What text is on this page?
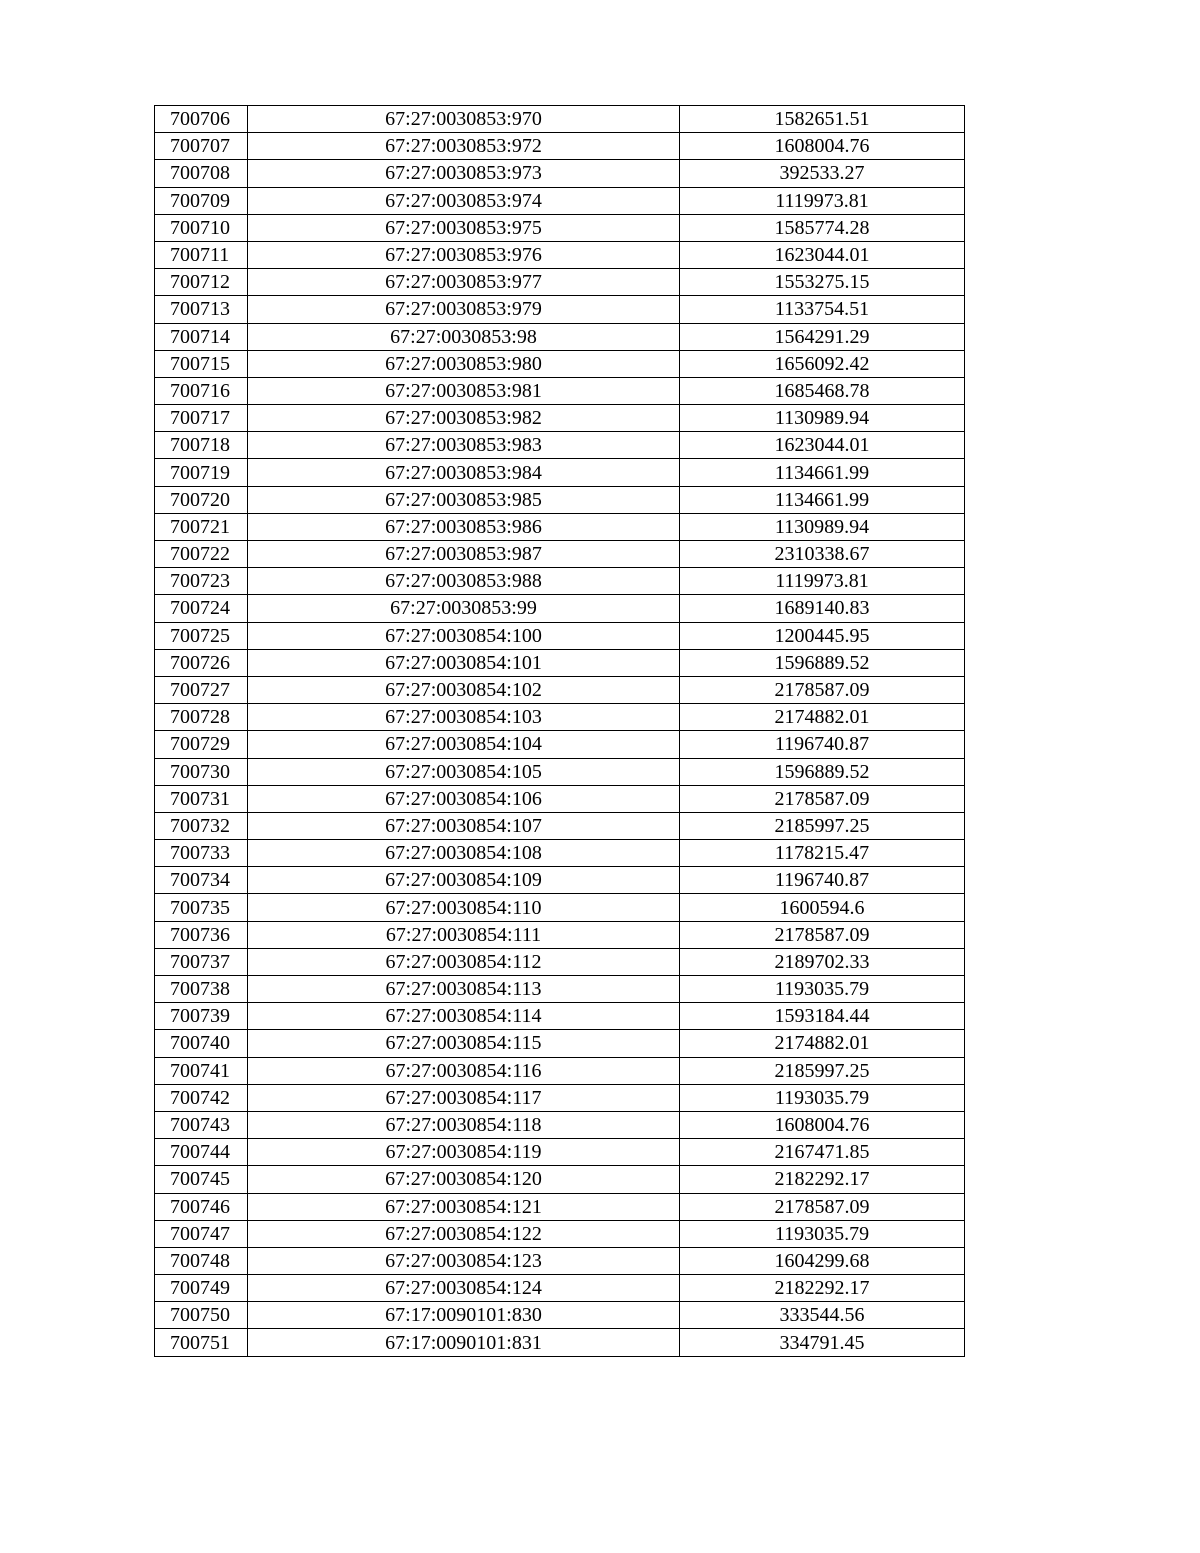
700706	67:27:0030853:970	1582651.51
700707	67:27:0030853:972	1608004.76
700708	67:27:0030853:973	392533.27
700709	67:27:0030853:974	1119973.81
700710	67:27:0030853:975	1585774.28
700711	67:27:0030853:976	1623044.01
700712	67:27:0030853:977	1553275.15
700713	67:27:0030853:979	1133754.51
700714	67:27:0030853:98	1564291.29
700715	67:27:0030853:980	1656092.42
700716	67:27:0030853:981	1685468.78
700717	67:27:0030853:982	1130989.94
700718	67:27:0030853:983	1623044.01
700719	67:27:0030853:984	1134661.99
700720	67:27:0030853:985	1134661.99
700721	67:27:0030853:986	1130989.94
700722	67:27:0030853:987	2310338.67
700723	67:27:0030853:988	1119973.81
700724	67:27:0030853:99	1689140.83
700725	67:27:0030854:100	1200445.95
700726	67:27:0030854:101	1596889.52
700727	67:27:0030854:102	2178587.09
700728	67:27:0030854:103	2174882.01
700729	67:27:0030854:104	1196740.87
700730	67:27:0030854:105	1596889.52
700731	67:27:0030854:106	2178587.09
700732	67:27:0030854:107	2185997.25
700733	67:27:0030854:108	1178215.47
700734	67:27:0030854:109	1196740.87
700735	67:27:0030854:110	1600594.6
700736	67:27:0030854:111	2178587.09
700737	67:27:0030854:112	2189702.33
700738	67:27:0030854:113	1193035.79
700739	67:27:0030854:114	1593184.44
700740	67:27:0030854:115	2174882.01
700741	67:27:0030854:116	2185997.25
700742	67:27:0030854:117	1193035.79
700743	67:27:0030854:118	1608004.76
700744	67:27:0030854:119	2167471.85
700745	67:27:0030854:120	2182292.17
700746	67:27:0030854:121	2178587.09
700747	67:27:0030854:122	1193035.79
700748	67:27:0030854:123	1604299.68
700749	67:27:0030854:124	2182292.17
700750	67:17:0090101:830	333544.56
700751	67:17:0090101:831	334791.45
